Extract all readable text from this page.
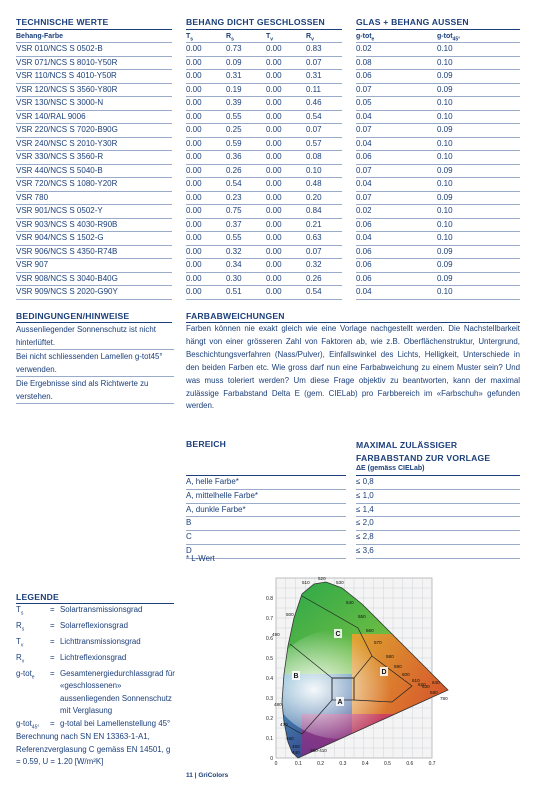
TECHNISCHE WERTE	BEHANG DICHT GESCHLOSSEN	GLAS + BEHANG AUSSEN
Behang-Farbe	$T_s$	$R_s$	$T_v$	$R_v$	g-tot$_e$	g-tot$_{45^\circ}$
VSR 010/NCS S 0502-B		0.00	0.73	0.00	0.83		0.02	0.10
VSR 071/NCS S 8010-Y50R		0.00	0.09	0.00	0.07		0.08	0.10
VSR 110/NCS S 4010-Y50R		0.00	0.31	0.00	0.31		0.06	0.09
VSR 120/NCS S 3560-Y80R		0.00	0.19	0.00	0.11		0.07	0.09
VSR 130/NSC S 3000-N		0.00	0.39	0.00	0.46		0.05	0.10
VSR 140/RAL 9006		0.00	0.55	0.00	0.54		0.04	0.10
VSR 220/NCS S 7020-B90G		0.00	0.25	0.00	0.07		0.07	0.09
VSR 240/NSC S 2010-Y30R		0.00	0.59	0.00	0.57		0.04	0.10
VSR 330/NCS S 3560-R		0.00	0.36	0.00	0.08		0.06	0.10
VSR 440/NCS S 5040-B		0.00	0.26	0.00	0.10		0.07	0.09
VSR 720/NCS S 1080-Y20R		0.00	0.54	0.00	0.48		0.04	0.10
VSR 780		0.00	0.23	0.00	0.20		0.07	0.09
VSR 901/NCS S 0502-Y		0.00	0.75	0.00	0.84		0.02	0.10
VSR 903/NCS S 4030-R90B		0.00	0.37	0.00	0.21		0.06	0.10
VSR 904/NCS S 1502-G		0.00	0.55	0.00	0.63		0.04	0.10
VSR 906/NCS S 4350-R74B		0.00	0.32	0.00	0.07		0.06	0.09
VSR 907		0.00	0.34	0.00	0.32		0.06	0.09
VSR 908/NCS S 3040-B40G		0.00	0.30	0.00	0.26		0.06	0.09
VSR 909/NCS S 2020-G90Y		0.00	0.51	0.00	0.54		0.04	0.10
BEDINGUNGEN/HINWEISE
Aussenliegender Sonnenschutz ist nicht hinterlüftet.
Bei nicht schliessenden Lamellen g-tot45° verwenden.
Die Ergebnisse sind als Richtwerte zu verstehen.
FARBABWEICHUNGEN
Farben können nie exakt gleich wie eine Vorlage nachgestellt werden. Die Nachstellbarkeit hängt von einer grösseren Zahl von Faktoren ab, wie z.B. Oberflächenstruktur, Untergrund, Beschichtungsverfahren (Nass/Pulver), Einfallswinkel des Lichts, Helligkeit, Unterschiede in den beiden Farben etc. Wie gross darf nun eine Farbabweichung zu einem Muster sein? Und was muss toleriert werden? Um diese Frage objektiv zu beantworten, kann der maximal zulässige Farbabstand Delta E (gem. CIELab) pro Farbbereich im «Farbschuh» gefunden werden.
BEREICH	MAXIMAL ZULÄSSIGER FARBABSTAND ZUR VORLAGE
ΔE (gemäss CIELab)
A, helle Farbe*		≤ 0,8
A, mittelhelle Farbe*		≤ 1,0
A, dunkle Farbe*		≤ 1,4
B		≤ 2,0
C		≤ 2,8
D		≤ 3,6
* L-Wert
LEGENDE
$T_s$	= Solartransmissionsgrad
$R_s$	= Solarreflexionsgrad
$T_v$	= Lichttransmissionsgrad
$R_v$	= Lichtreflexionsgrad
g-tot$_e$	= Gesamtenergiedurchlassgrad für «geschlossenen» aussenliegenden Sonnenschutz mit Verglasung
g-tot$_{45^\circ}$	= g-total bei Lamellenstellung 45°
Berechnung nach SN EN 13363-1-A1, Referenzverglasung C gemäss EN 14501, g = 0.59, U = 1.20 [W/m²K]
510
520
530
540
500	550
560
570
490
580
590
600
610
620
630
640
680
780
480
470
460
450
440 380-410
0
0.1
0.2
0.3
0.4
0.5
0.6
0.7
0.8
0	0.1	0.2	0.3	0.4	0.5	0.6	0.7
A
B
C
D
11 | GriColors
